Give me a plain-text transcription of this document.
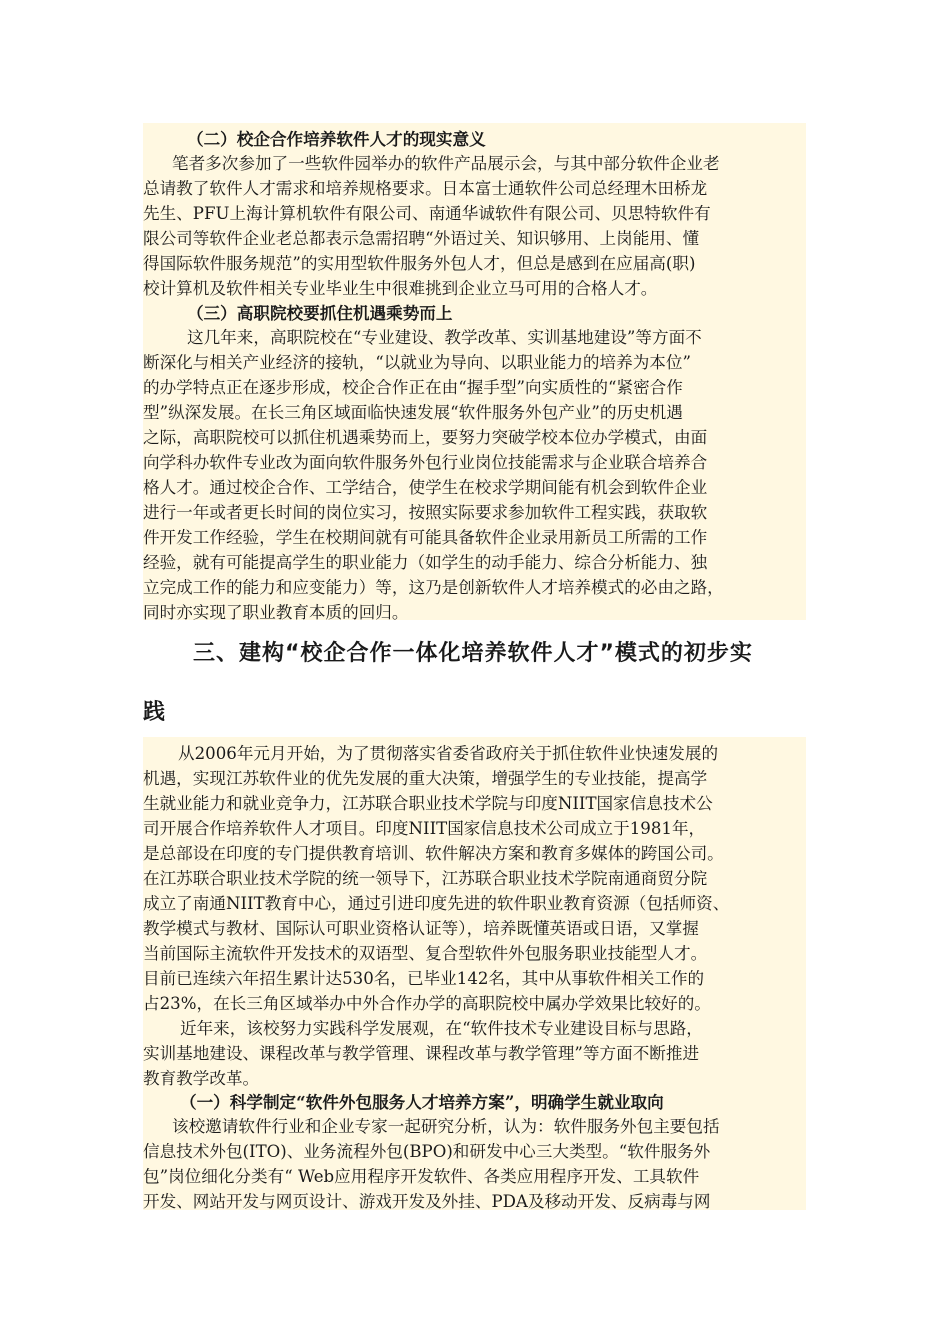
（二）校企合作培养软件人才的现实意义
笔者多次参加了一些软件园举办的软件产品展示会，与其中部分软件企业老
总请教了软件人才需求和培养规格要求。日本富士通软件公司总经理木田桥龙
先生、PFU上海计算机软件有限公司、南通华诚软件有限公司、贝思特软件有
限公司等软件企业老总都表示急需招聘“外语过关、知识够用、上岗能用、懂
得国际软件服务规范”的实用型软件服务外包人才，但总是感到在应届高(职)
校计算机及软件相关专业毕业生中很难挑到企业立马可用的合格人才。
（三）高职院校要抓住机遇乘势而上
这几年来，高职院校在“专业建设、教学改革、实训基地建设”等方面不
断深化与相关产业经济的接轨，“以就业为导向、以职业能力的培养为本位”
的办学特点正在逐步形成，校企合作正在由“握手型”向实质性的“紧密合作
型”纵深发展。在长三角区域面临快速发展“软件服务外包产业”的历史机遇
之际，高职院校可以抓住机遇乘势而上，要努力突破学校本位办学模式，由面
向学科办软件专业改为面向软件服务外包行业岗位技能需求与企业联合培养合
格人才。通过校企合作、工学结合，使学生在校求学期间能有机会到软件企业
进行一年或者更长时间的岗位实习，按照实际要求参加软件工程实践，获取软
件开发工作经验，学生在校期间就有可能具备软件企业录用新员工所需的工作
经验，就有可能提高学生的职业能力（如学生的动手能力、综合分析能力、独
立完成工作的能力和应变能力）等，这乃是创新软件人才培养模式的必由之路，
同时亦实现了职业教育本质的回归。
三、建构“校企合作一体化培养软件人才”模式的初步实
践
从2006年元月开始，为了贯彻落实省委省政府关于抓住软件业快速发展的
机遇，实现江苏软件业的优先发展的重大决策，增强学生的专业技能，提高学
生就业能力和就业竞争力，江苏联合职业技术学院与印度NIIT国家信息技术公
司开展合作培养软件人才项目。印度NIIT国家信息技术公司成立于1981年，
是总部设在印度的专门提供教育培训、软件解决方案和教育多媒体的跨国公司。
在江苏联合职业技术学院的统一领导下，江苏联合职业技术学院南通商贸分院
成立了南通NIIT教育中心，通过引进印度先进的软件职业教育资源（包括师资、
教学模式与教材、国际认可职业资格认证等），培养既懂英语或日语，又掌握
当前国际主流软件开发技术的双语型、复合型软件外包服务职业技能型人才。
目前已连续六年招生累计达530名，已毕业142名，其中从事软件相关工作的
占23%，在长三角区域举办中外合作办学的高职院校中属办学效果比较好的。
近年来，该校努力实践科学发展观，在“软件技术专业建设目标与思路，
实训基地建设、课程改革与教学管理、课程改革与教学管理”等方面不断推进
教育教学改革。
（一）科学制定“软件外包服务人才培养方案”，明确学生就业取向
该校邀请软件行业和企业专家一起研究分析，认为：软件服务外包主要包括
信息技术外包(ITO)、业务流程外包(BPO)和研发中心三大类型。“软件服务外
包”岗位细化分类有“ Web应用程序开发软件、各类应用程序开发、工具软件
开发、网站开发与网页设计、游戏开发及外挂、PDA及移动开发、反病毒与网
